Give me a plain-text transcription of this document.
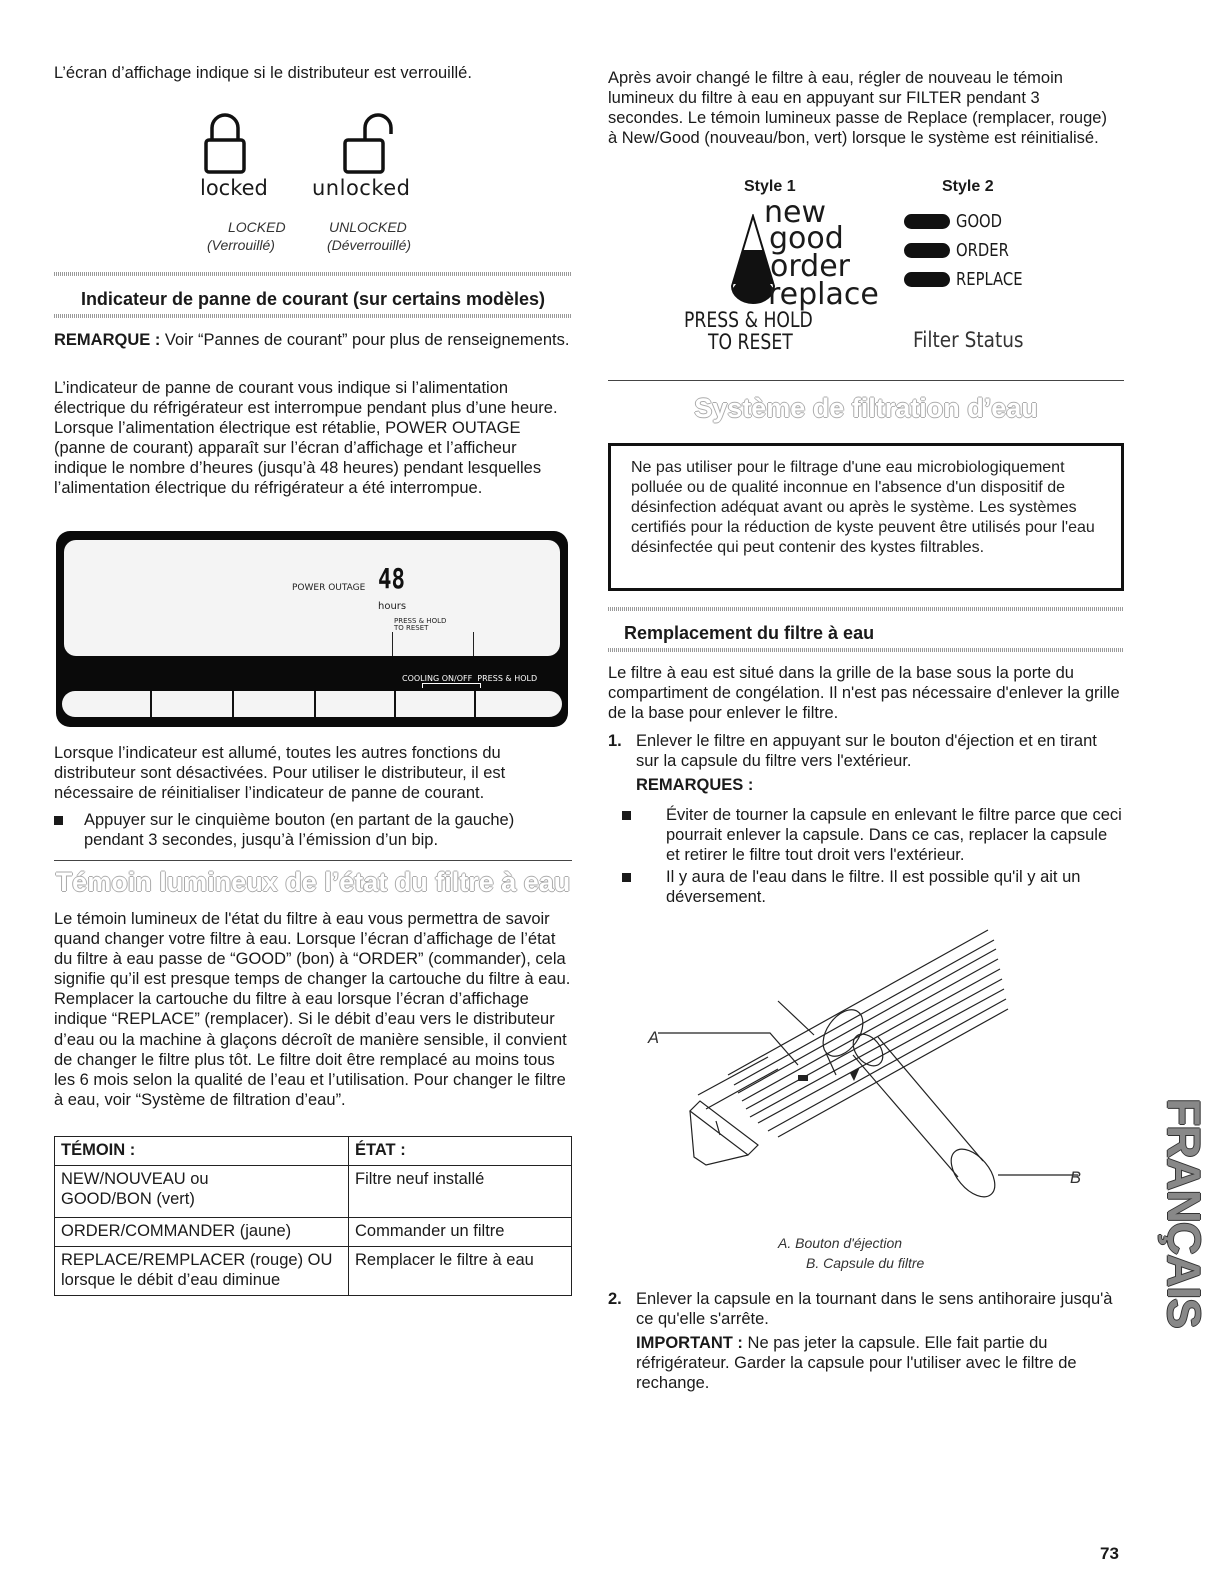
L’écran d’affichage indique si le distributeur est verrouillé.

locked unlocked
LOCKED
(Verrouillé)
UNLOCKED
(Déverrouillé)
Indicateur de panne de courant (sur certains modèles)

REMARQUE : Voir “Pannes de courant” pour plus de renseignements.

L’indicateur de panne de courant vous indique si l’alimentation électrique du réfrigérateur est interrompue pendant plus d’une heure. Lorsque l’alimentation électrique est rétablie, POWER OUTAGE (panne de courant) apparaît sur l’écran d’affichage et l’afficheur indique le nombre d’heures (jusqu’à 48 heures) pendant lesquelles l’alimentation électrique du réfrigérateur a été interrompue.

POWER OUTAGE 48
hours
PRESS & HOLD
TO RESET
COOLING ON/OFF PRESS & HOLD

Lorsque l’indicateur est allumé, toutes les autres fonctions du distributeur sont désactivées. Pour utiliser le distributeur, il est nécessaire de réinitialiser l’indicateur de panne de courant.

Appuyer sur le cinquième bouton (en partant de la gauche) pendant 3 secondes, jusqu’à l’émission d’un bip.

Témoin lumineux de l’état du filtre à eau

Le témoin lumineux de l'état du filtre à eau vous permettra de savoir quand changer votre filtre à eau. Lorsque l’écran d’affichage de l’état du filtre à eau passe de “GOOD” (bon) à “ORDER” (commander), cela signifie qu’il est presque temps de changer la cartouche du filtre à eau. Remplacer la cartouche du filtre à eau lorsque l’écran d’affichage indique “REPLACE” (remplacer). Si le débit d’eau vers le distributeur d’eau ou la machine à glaçons décroît de manière sensible, il convient de changer le filtre plus tôt. Le filtre doit être remplacé au moins tous les 6 mois selon la qualité de l’eau et l’utilisation. Pour changer le filtre à eau, voir “Système de filtration d’eau”.

TÉMOIN :	ÉTAT :

NEW/NOUVEAU ou GOOD/BON (vert)	Filtre neuf installé
ORDER/COMMANDER (jaune)	Commander un filtre
REPLACE/REMPLACER (rouge) OU lorsque le débit d’eau diminue	Remplacer le filtre à eau

Après avoir changé le filtre à eau, régler de nouveau le témoin lumineux du filtre à eau en appuyant sur FILTER pendant 3 secondes. Le témoin lumineux passe de Replace (remplacer, rouge) à New/Good (nouveau/bon, vert) lorsque le système est réinitialisé.

Style 1
new
good
order
replace
PRESS & HOLD
TO RESET
Style 2
GOOD
ORDER
REPLACE
Filter Status
Système de filtration d’eau

Ne pas utiliser pour le filtrage d'une eau microbiologiquement polluée ou de qualité inconnue en l'absence d'un dispositif de désinfection adéquat avant ou après le système. Les systèmes certifiés pour la réduction de kyste peuvent être utilisés pour l'eau désinfectée qui peut contenir des kystes filtrables.

Remplacement du filtre à eau

Le filtre à eau est situé dans la grille de la base sous la porte du compartiment de congélation. Il n'est pas nécessaire d'enlever la grille de la base pour enlever le filtre.

1. Enlever le filtre en appuyant sur le bouton d'éjection et en tirant sur la capsule du filtre vers l'extérieur.

REMARQUES :

Éviter de tourner la capsule en enlevant le filtre parce que ceci pourrait enlever la capsule. Dans ce cas, replacer la capsule et retirer le filtre tout droit vers l'extérieur.

Il y aura de l'eau dans le filtre. Il est possible qu'il y ait un déversement.

A
B
A. Bouton d'éjection
B. Capsule du filtre
2. Enlever la capsule en la tournant dans le sens antihoraire jusqu'à ce qu'elle s'arrête.

IMPORTANT : Ne pas jeter la capsule. Elle fait partie du réfrigérateur. Garder la capsule pour l'utiliser avec le filtre de rechange.

FRANÇAIS
73
